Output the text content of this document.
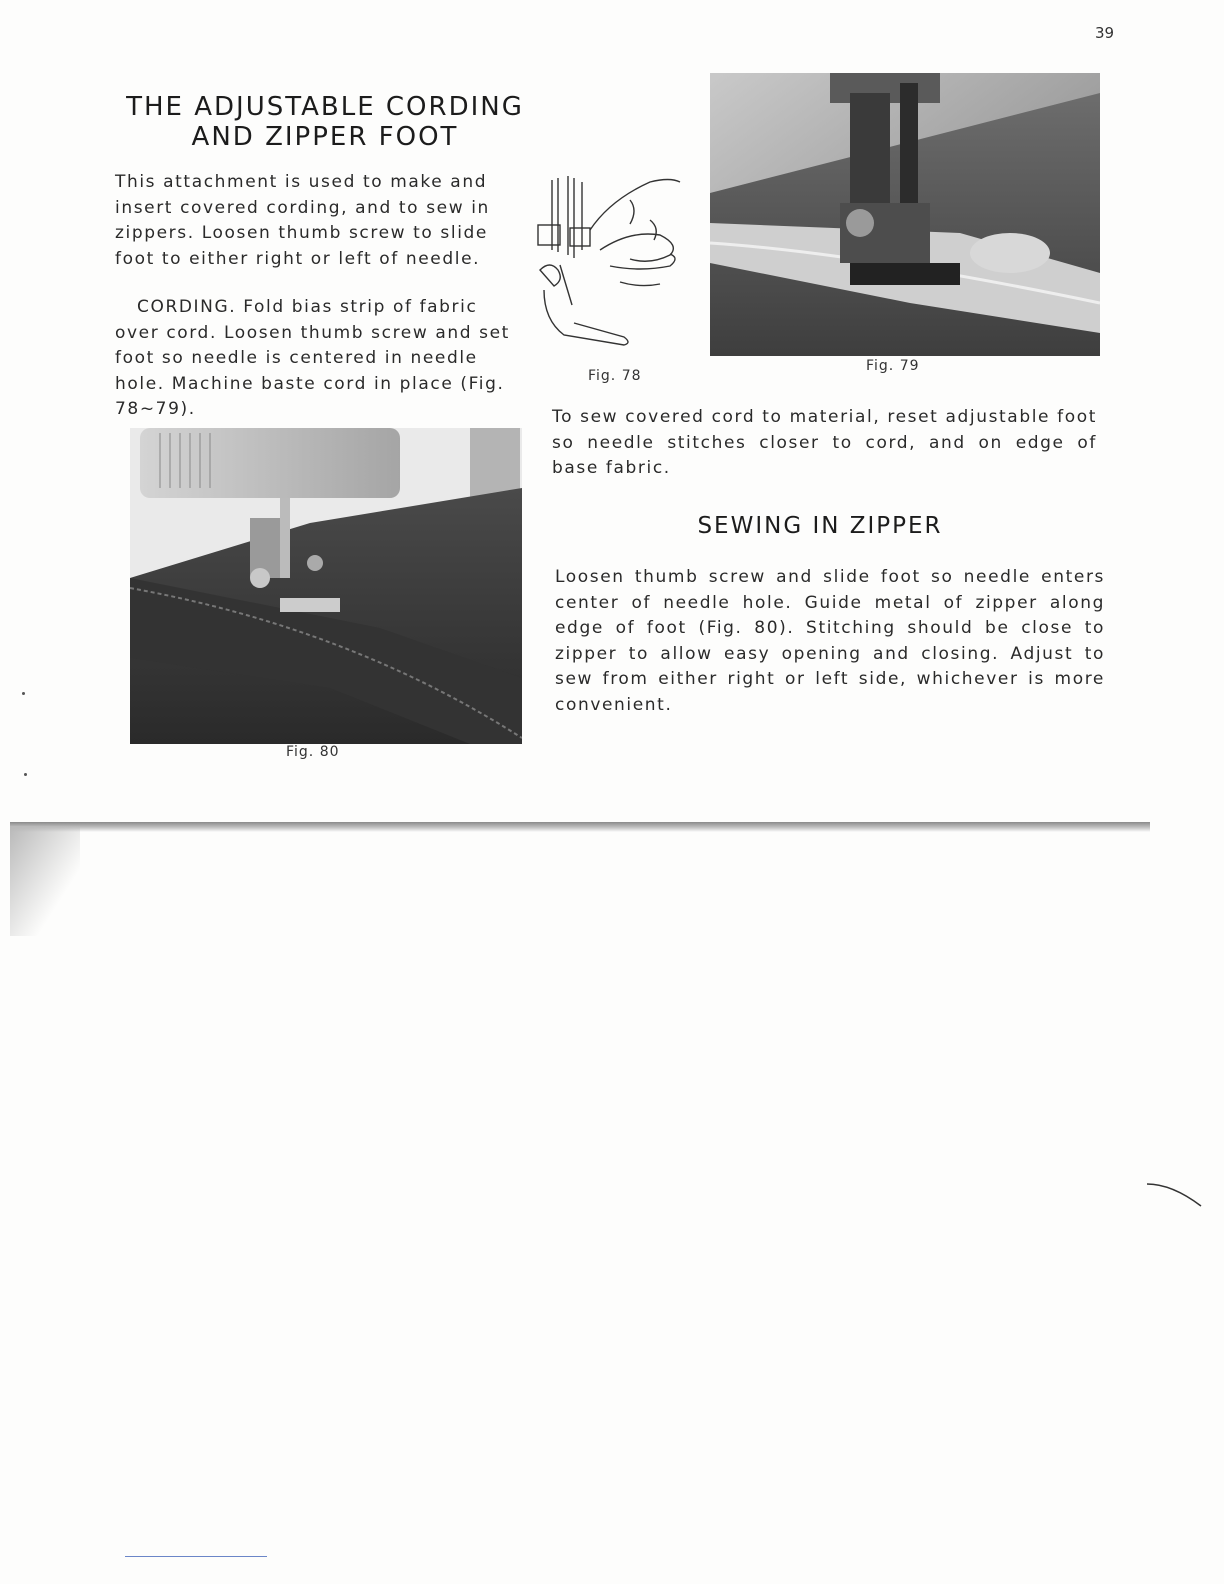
39
THE ADJUSTABLE CORDING
AND ZIPPER FOOT

This attachment is used to make and insert covered cording, and to sew in zippers. Loosen thumb screw to slide foot to either right or left of needle.

CORDING. Fold bias strip of fabric over cord. Loosen thumb screw and set foot so needle is centered in needle hole. Machine baste cord in place (Fig. 78~79).

Fig. 78
Fig. 79

To sew covered cord to material, reset adjustable foot so needle stitches closer to cord, and on edge of base fabric.

SEWING IN ZIPPER

Loosen thumb screw and slide foot so needle enters center of needle hole. Guide metal of zipper along edge of foot (Fig. 80). Stitching should be close to zipper to allow easy opening and closing. Adjust to sew from either right or left side, whichever is more convenient.

Fig. 80
